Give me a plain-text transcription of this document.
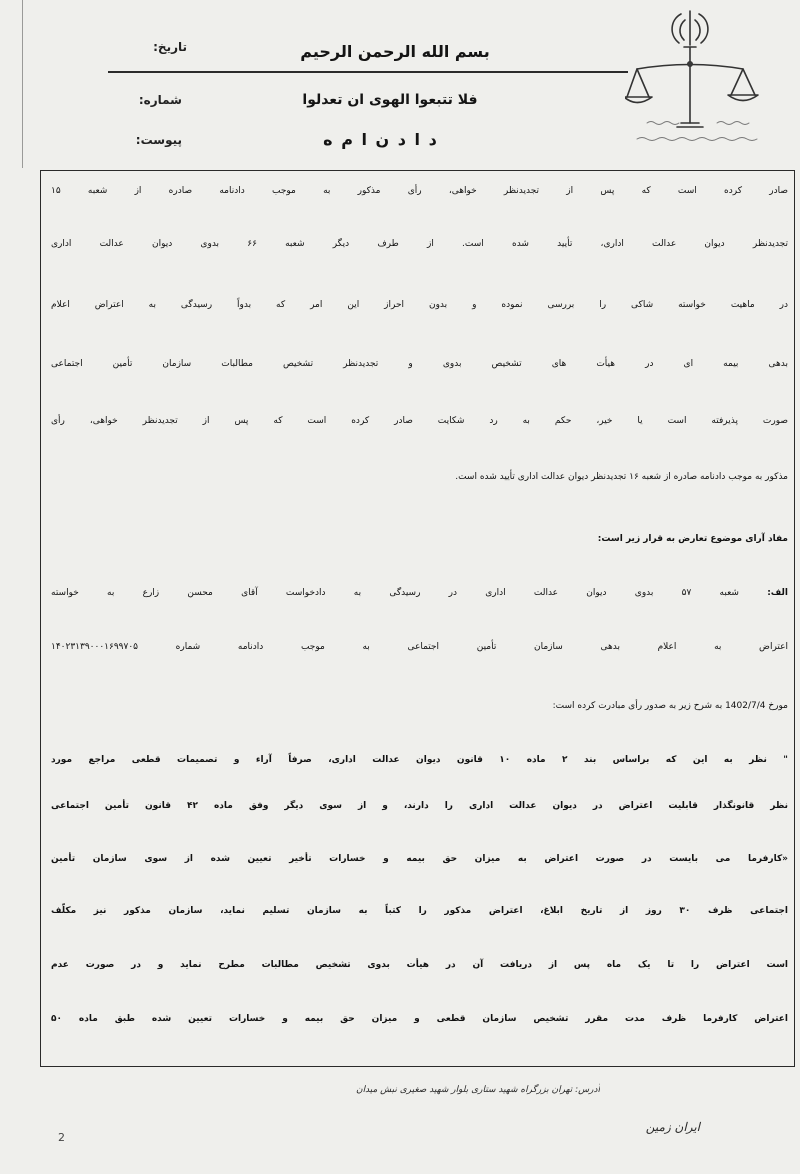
بسم الله الرحمن الرحیم
تاریخ:
فلا تتبعوا الهوی ان تعدلوا
شماره:
د ا د ن ا م ه
پیوست:
صادر کرده است که پس از تجدیدنظر خواهی، رأی مذکور به موجب دادنامه صادره از شعبه ۱۵
تجدیدنظر دیوان عدالت اداری، تأیید شده است. از طرف دیگر شعبه ۶۶ بدوی دیوان عدالت اداری
در ماهیت خواسته شاکی را بررسی نموده و بدون احراز این امر که بدواً رسیدگی به اعتراض اعلام
بدهی بیمه ای در هیأت های تشخیص بدوی و تجدیدنظر تشخیص مطالبات سازمان تأمین اجتماعی
صورت پذیرفته است یا خیر، حکم به رد شکایت صادر کرده است که پس از تجدیدنظر خواهی، رأی
مذکور به موجب دادنامه صادره از شعبه ۱۶ تجدیدنظر دیوان عدالت اداری تأیید شده است.
مفاد آرای موضوع تعارض به قرار زیر است:
الف: شعبه ۵۷ بدوی دیوان عدالت اداری در رسیدگی به دادخواست آقای محسن زارع به خواسته
اعتراض به اعلام بدهی سازمان تأمین اجتماعی به موجب دادنامه شماره ۱۴۰۲۳۱۳۹۰۰۰۱۶۹۹۷۰۵
مورخ 1402/7/4 به شرح زیر به صدور رأی مبادرت کرده است:
" نظر به این که براساس بند ۲ ماده ۱۰ قانون دیوان عدالت اداری، صرفاً آراء و تصمیمات قطعی مراجع مورد
نظر قانونگذار قابلیت اعتراض در دیوان عدالت اداری را دارند، و از سوی دیگر وفق ماده ۴۲ قانون تأمین اجتماعی
«کارفرما می بایست در صورت اعتراض به میزان حق بیمه و خسارات تأخیر تعیین شده از سوی سازمان تأمین
اجتماعی ظرف ۳۰ روز از تاریخ ابلاغ، اعتراض مذکور را کتباً به سازمان تسلیم نماید، سازمان مذکور نیز مکلّف
است اعتراض را تا یک ماه پس از دریافت آن در هیأت بدوی تشخیص مطالبات مطرح نماید و در صورت عدم
اعتراض کارفرما ظرف مدت مقرر تشخیص سازمان قطعی و میزان حق بیمه و خسارات تعیین شده طبق ماده ۵۰
آدرس: تهران بزرگراه شهید ستاری بلوار شهید صغیری نبش میدان
ایران زمین
2
